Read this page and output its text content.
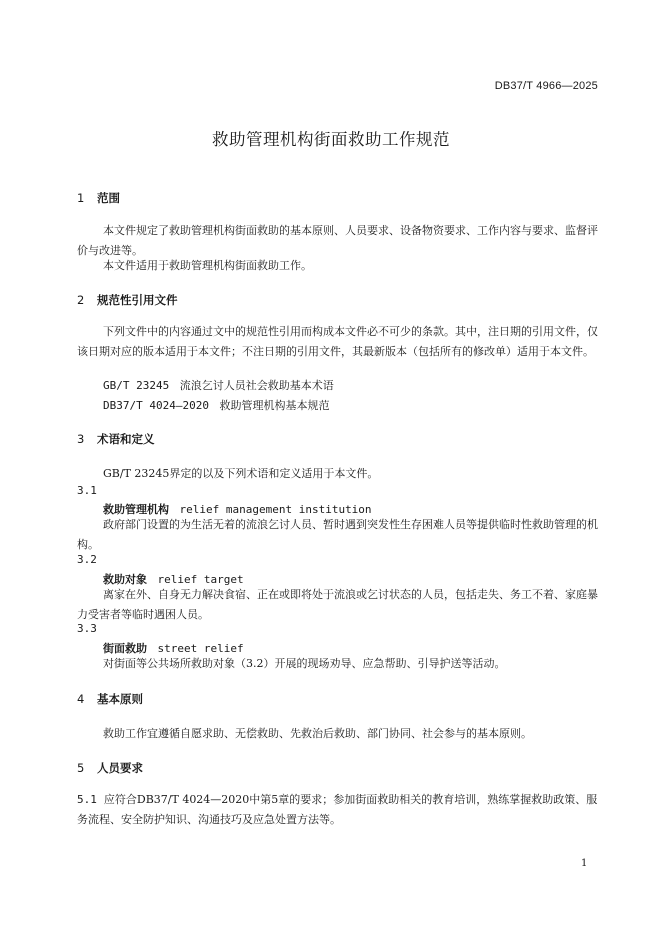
DB37/T 4966—2025
救助管理机构街面救助工作规范
1 范围
本文件规定了救助管理机构街面救助的基本原则、人员要求、设备物资要求、工作内容与要求、监督评价与改进等。
本文件适用于救助管理机构街面救助工作。
2 规范性引用文件
下列文件中的内容通过文中的规范性引用而构成本文件必不可少的条款。其中，注日期的引用文件，仅该日期对应的版本适用于本文件；不注日期的引用文件，其最新版本（包括所有的修改单）适用于本文件。
GB/T 23245 流浪乞讨人员社会救助基本术语
DB37/T 4024—2020 救助管理机构基本规范
3 术语和定义
GB/T 23245界定的以及下列术语和定义适用于本文件。
3.1
救助管理机构 relief management institution
政府部门设置的为生活无着的流浪乞讨人员、暂时遇到突发性生存困难人员等提供临时性救助管理的机构。
3.2
救助对象 relief target
离家在外、自身无力解决食宿、正在或即将处于流浪或乞讨状态的人员，包括走失、务工不着、家庭暴力受害者等临时遇困人员。
3.3
街面救助 street relief
对街面等公共场所救助对象（3.2）开展的现场劝导、应急帮助、引导护送等活动。
4 基本原则
救助工作宜遵循自愿求助、无偿救助、先救治后救助、部门协同、社会参与的基本原则。
5 人员要求
5.1 应符合DB37/T 4024—2020中第5章的要求；参加街面救助相关的教育培训，熟练掌握救助政策、服务流程、安全防护知识、沟通技巧及应急处置方法等。
1
